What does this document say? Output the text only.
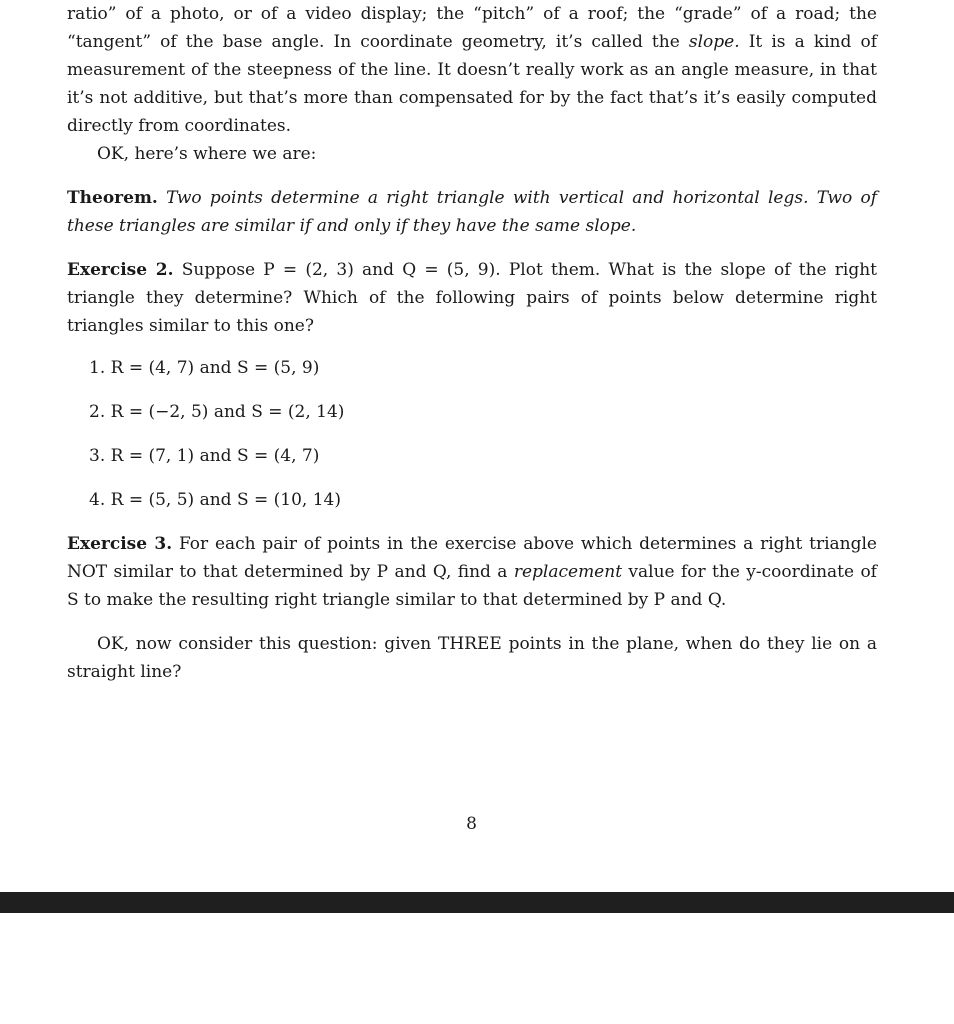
ratio” of a photo, or of a video display; the “pitch” of a roof; the “grade” of a road; the “tangent” of the base angle. In coordinate geometry, it’s called the slope. It is a kind of measurement of the steepness of the line. It doesn’t really work as an angle measure, in that it’s not additive, but that’s more than compensated for by the fact that’s it’s easily computed directly from coordinates.

OK, here’s where we are:

Theorem. Two points determine a right triangle with vertical and horizontal legs. Two of these triangles are similar if and only if they have the same slope.

Exercise 2. Suppose P = (2, 3) and Q = (5, 9). Plot them. What is the slope of the right triangle they determine? Which of the following pairs of points below determine right triangles similar to this one?

1. R = (4, 7) and S = (5, 9)
2. R = (−2, 5) and S = (2, 14)
3. R = (7, 1) and S = (4, 7)
4. R = (5, 5) and S = (10, 14)

Exercise 3. For each pair of points in the exercise above which determines a right triangle NOT similar to that determined by P and Q, find a replacement value for the y-coordinate of S to make the resulting right triangle similar to that determined by P and Q.

OK, now consider this question: given THREE points in the plane, when do they lie on a straight line?

8
